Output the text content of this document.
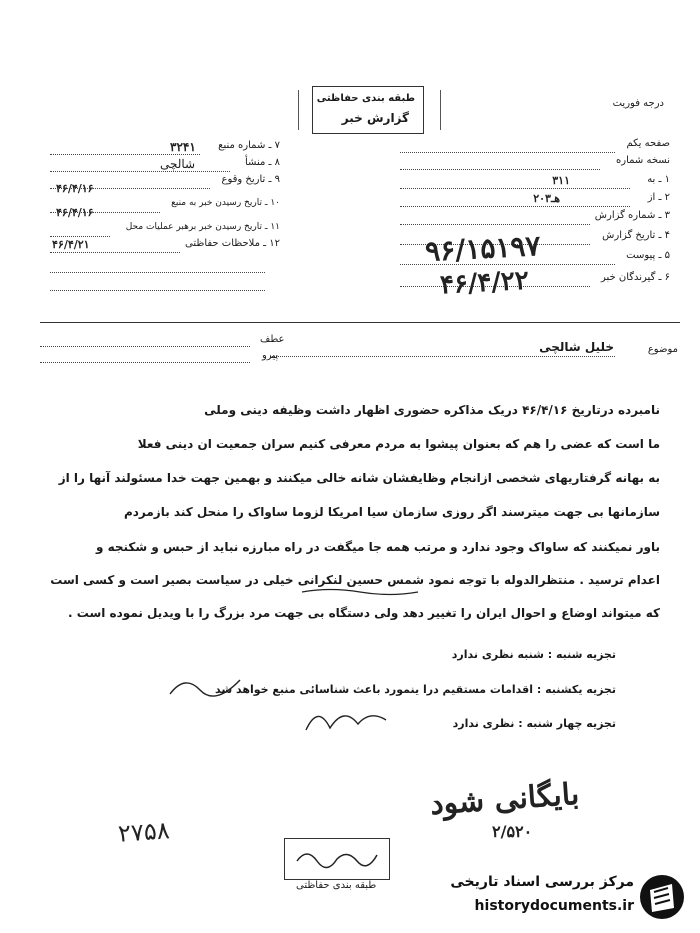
درجه فوریت
طبقه بندی حفاظتی
گزارش خبر
۷ ـ شماره منبع
۳۲۴۱
۸ ـ منشأ
شالچی
۹ ـ تاریخ وقوع
۴۶/۴/۱۶
۱۰ ـ تاریخ رسیدن خبر به منبع
۴۶/۴/۱۶
۱۱ ـ تاریخ رسیدن خبر برهبر عملیات محل
۱۲ ـ ملاحظات حفاظتی
۴۶/۴/۲۱
صفحه یکم
نسخه شماره
۱ ـ به
۳۱۱
۲ ـ از
۲۰هـ۳
۳ ـ شماره گزارش
۴ ـ تاریخ گزارش
۵ ـ پیوست
۶ ـ گیرندگان خبر
۹۶/۱۵۱۹۷
۴۶/۴/۲۲
موضوع
خلیل شالچی
عطف
پیرو
نامبرده درتاریخ ۴۶/۴/۱۶ دریک مذاکره حضوری اظهار داشت وظیفه دینی وملی
ما است که عضی را هم که بعنوان پیشوا به مردم معرفی کنیم سران جمعیت ان دینی فعلا
به بهانه گرفتاریهای شخصی ازانجام وظایفشان شانه خالی میکنند و بهمین جهت خدا مسئولند آنها را از
سازمانها بی جهت میترسند اگر روزی سازمان سیا امریکا لزوما ساواک را منحل کند بازمردم
باور نمیکنند که ساواک وجود ندارد و مرتب همه جا میگفت در راه مبارزه نباید از حبس و شکنجه و
اعدام ترسید . منتظرالدوله با توجه نمود شمس حسین لنکرانی خیلی در سیاست بصیر است و کسی است
که میتواند اوضاع و احوال ایران را تغییر دهد ولی دستگاه بی جهت مرد بزرگ را با ویدیل نموده است .
تجزیه شنبه : شنبه نظری ندارد
تجزیه یکشنبه : اقدامات مستقیم درا ینمورد باعث شناسائی منبع خواهد شد
تجزیه چهار شنبه : نظری ندارد
بایگانی شود
۲/۵۲۰
۲۷۵۸
طبقه بندی حفاظتی	مرکز بررسی اسناد تاریخی
historydocuments.ir
